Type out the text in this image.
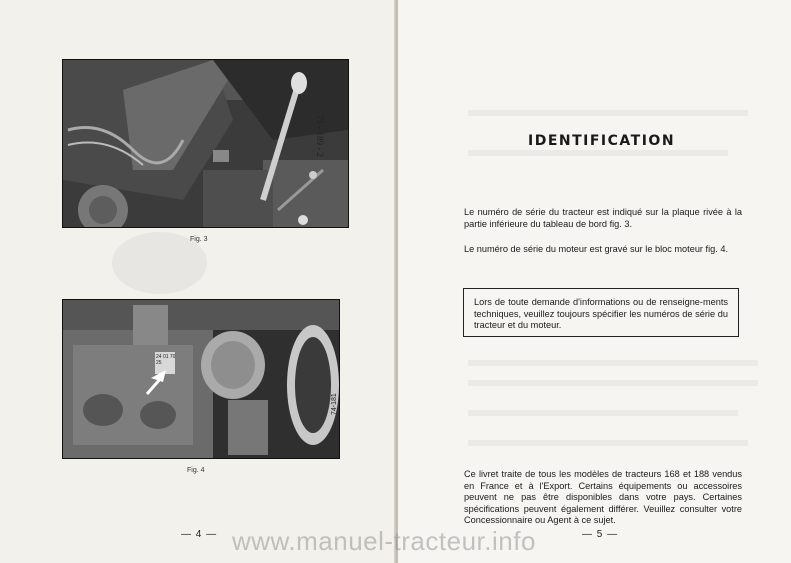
71 - 189 - 2
Fig. 3
24 01 70 25
74-181
Fig. 4
— 4 —
IDENTIFICATION
Le numéro de série du tracteur est indiqué sur la plaque rivée à la partie inférieure du tableau de bord fig. 3.
Le numéro de série du moteur est gravé sur le bloc moteur fig. 4.
Lors de toute demande d'informations ou de renseigne-ments techniques, veuillez toujours spécifier les numéros de série du tracteur et du moteur.
Ce livret traite de tous les modèles de tracteurs 168 et 188 vendus en France et à l'Export. Certains équipements ou accessoires peuvent ne pas être disponibles dans votre pays. Certaines spécifications peuvent également différer. Veuillez consulter votre Concessionnaire ou Agent à ce sujet.
— 5 —
www.manuel-tracteur.info
